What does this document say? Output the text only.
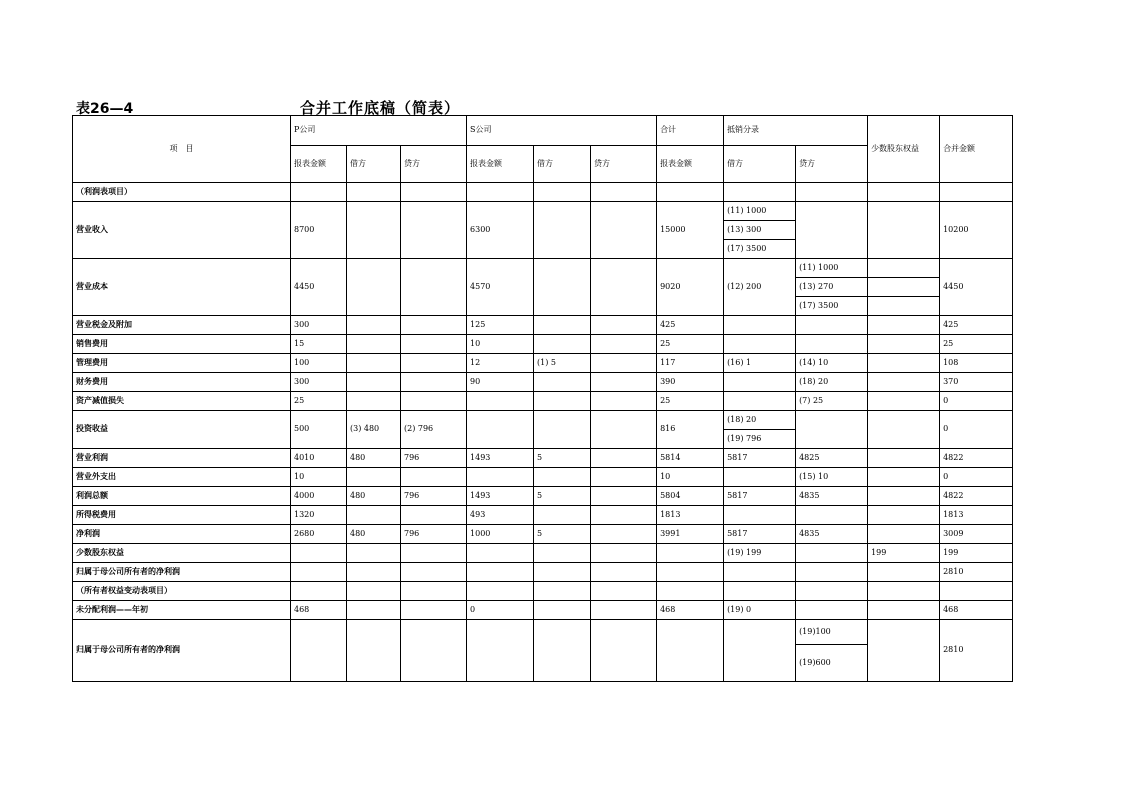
表26—4	合并工作底稿（简表）
项　目	P公司			S公司			合计	抵销分录		少数股东权益	合并金额
	报表金额	借方	贷方	报表金额	借方	贷方	报表金额	借方	贷方		
（利润表项目）											
营业收入	8700			6300			15000	(11) 1000			10200
								(13) 300			
								(17) 3500			
营业成本	4450			4570			9020	(12) 200	(11) 1000		4450
									(13) 270		
									(17) 3500		
营业税金及附加	300			125			425				425
销售费用	15			10			25				25
管理费用	100			12	(1) 5		117	(16) 1	(14) 10		108
财务费用	300			90			390		(18) 20		370
资产减值损失	25						25		(7) 25		0
投资收益	500	(3) 480	(2) 796				816	(18) 20			0
								(19) 796			
营业利润	4010	480	796	1493	5		5814	5817	4825		4822
营业外支出	10						10		(15) 10		0
利润总额	4000	480	796	1493	5		5804	5817	4835		4822
所得税费用	1320			493			1813				1813
净利润	2680	480	796	1000	5		3991	5817	4835		3009
少数股东权益								(19) 199		199	199
归属于母公司所有者的净利润											2810
（所有者权益变动表项目）											
未分配利润——年初	468			0			468	(19) 0			468
归属于母公司所有者的净利润									(19)100		2810
									(19)600		
